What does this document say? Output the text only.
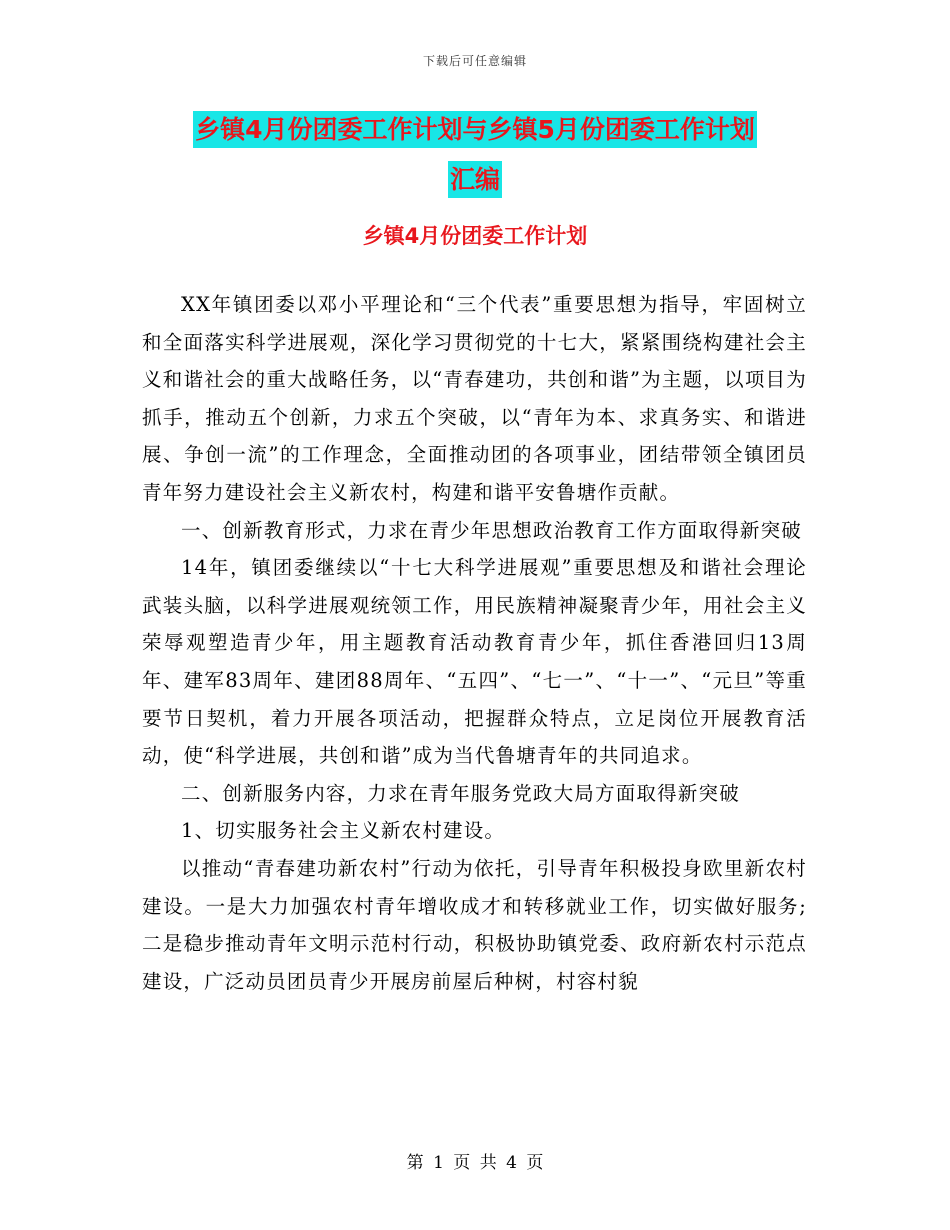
下载后可任意编辑
乡镇4月份团委工作计划与乡镇5月份团委工作计划
汇编
乡镇4月份团委工作计划

XX年镇团委以邓小平理论和“三个代表”重要思想为指导，牢固树立和全面落实科学进展观，深化学习贯彻党的十七大，紧紧围绕构建社会主义和谐社会的重大战略任务，以“青春建功，共创和谐”为主题，以项目为抓手，推动五个创新，力求五个突破，以“青年为本、求真务实、和谐进展、争创一流”的工作理念，全面推动团的各项事业，团结带领全镇团员青年努力建设社会主义新农村，构建和谐平安鲁塘作贡献。

一、创新教育形式，力求在青少年思想政治教育工作方面取得新突破

14年，镇团委继续以“十七大科学进展观”重要思想及和谐社会理论武装头脑，以科学进展观统领工作，用民族精神凝聚青少年，用社会主义荣辱观塑造青少年，用主题教育活动教育青少年，抓住香港回归13周年、建军83周年、建团88周年、“五四”、“七一”、“十一”、“元旦”等重要节日契机，着力开展各项活动，把握群众特点，立足岗位开展教育活动，使“科学进展，共创和谐”成为当代鲁塘青年的共同追求。

二、创新服务内容，力求在青年服务党政大局方面取得新突破

1、切实服务社会主义新农村建设。

以推动“青春建功新农村”行动为依托，引导青年积极投身欧里新农村建设。一是大力加强农村青年增收成才和转移就业工作，切实做好服务;二是稳步推动青年文明示范村行动，积极协助镇党委、政府新农村示范点建设，广泛动员团员青少开展房前屋后种树，村容村貌

第 1 页 共 4 页
